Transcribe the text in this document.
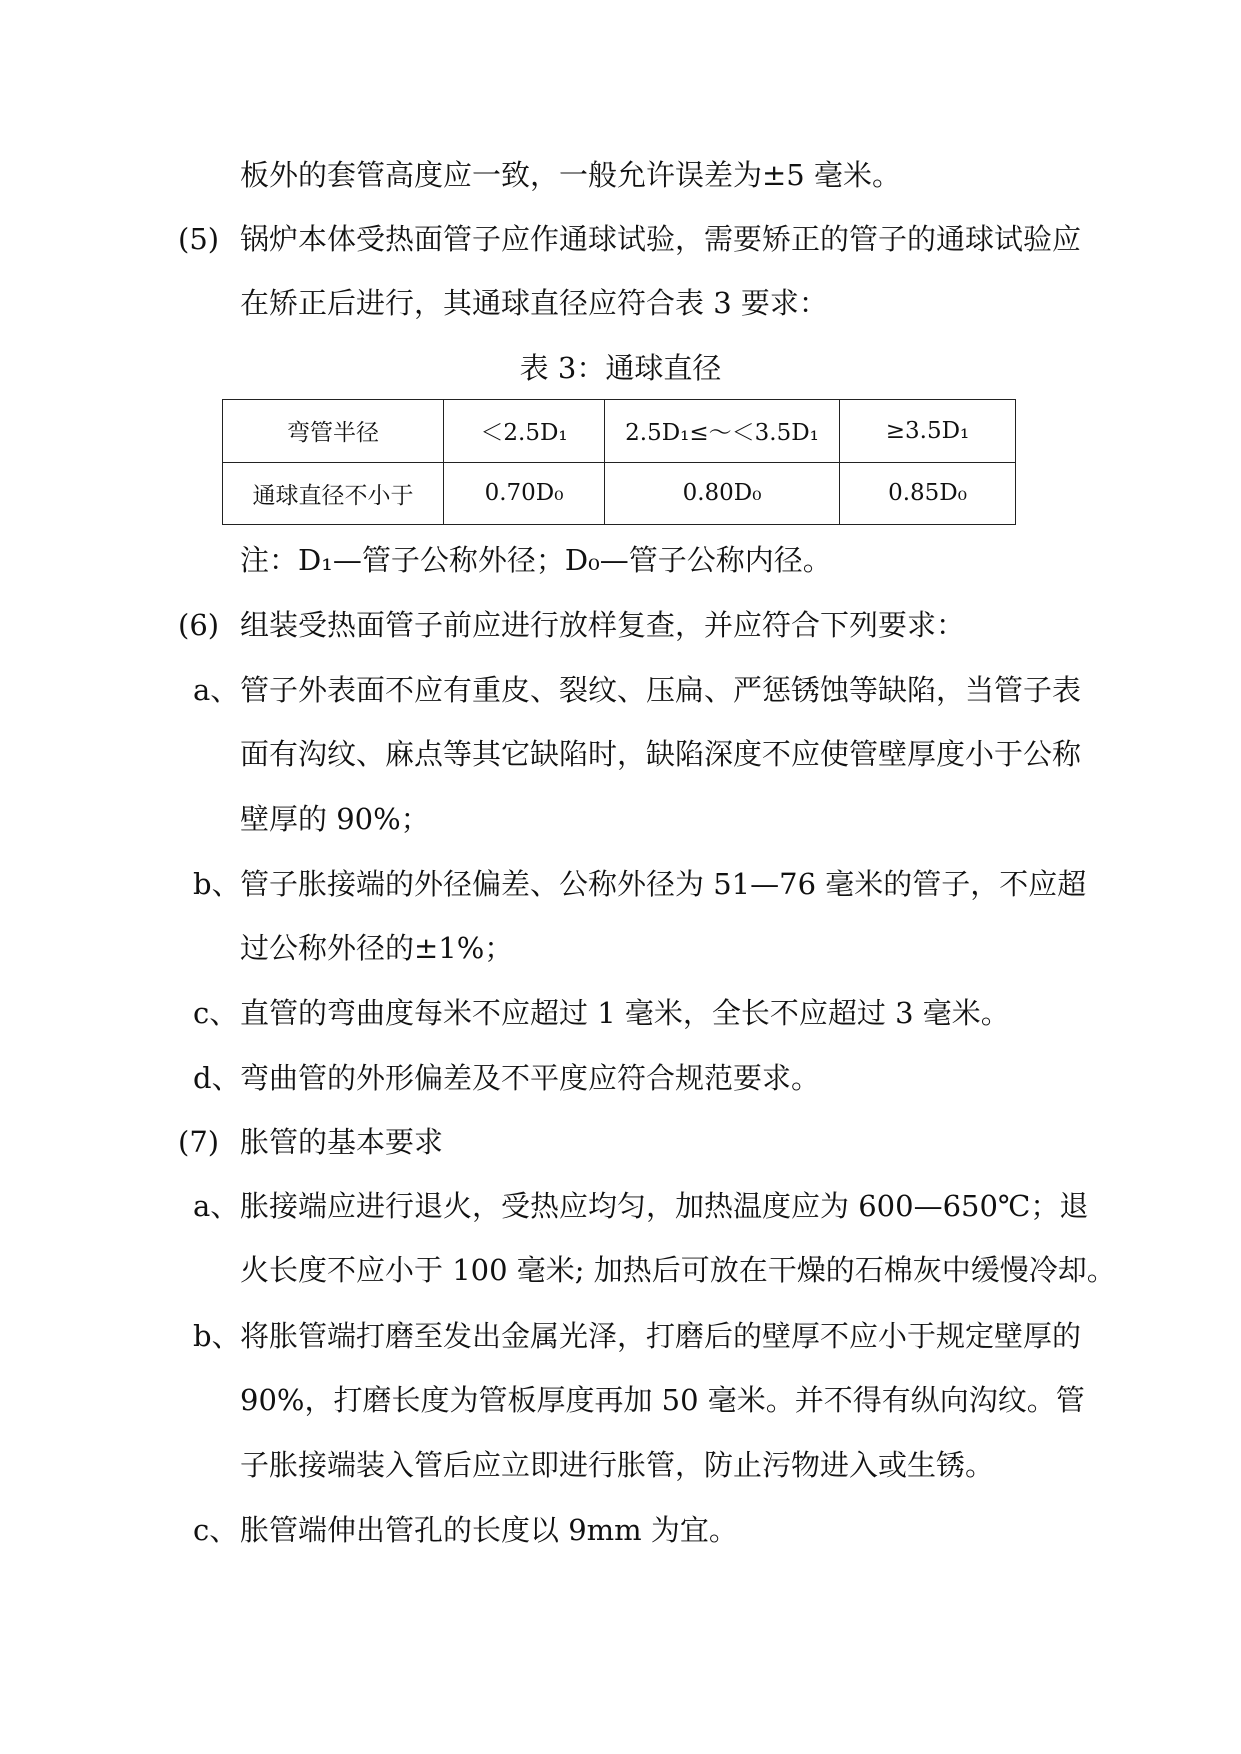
板外的套管高度应一致，一般允许误差为±5 毫米。
(5) 锅炉本体受热面管子应作通球试验，需要矫正的管子的通球试验应
在矫正后进行，其通球直径应符合表 3 要求：
表 3：通球直径
弯管半径	＜2.5D₁	2.5D₁≤～＜3.5D₁	≥3.5D₁
通球直径不小于	0.70D₀	0.80D₀	0.85D₀
注：D₁—管子公称外径；D₀—管子公称内径。
(6) 组装受热面管子前应进行放样复查，并应符合下列要求：
a、 管子外表面不应有重皮、裂纹、压扁、严惩锈蚀等缺陷，当管子表
面有沟纹、麻点等其它缺陷时，缺陷深度不应使管壁厚度小于公称
壁厚的 90%；
b、 管子胀接端的外径偏差、公称外径为 51—76 毫米的管子，不应超
过公称外径的±1%；
c、 直管的弯曲度每米不应超过 1 毫米，全长不应超过 3 毫米。
d、 弯曲管的外形偏差及不平度应符合规范要求。
(7) 胀管的基本要求
a、 胀接端应进行退火，受热应均匀，加热温度应为 600—650℃；退
火长度不应小于 100 毫米; 加热后可放在干燥的石棉灰中缓慢冷却。
b、 将胀管端打磨至发出金属光泽，打磨后的壁厚不应小于规定壁厚的
90%，打磨长度为管板厚度再加 50 毫米。并不得有纵向沟纹。管
子胀接端装入管后应立即进行胀管，防止污物进入或生锈。
c、 胀管端伸出管孔的长度以 9mm 为宜。
